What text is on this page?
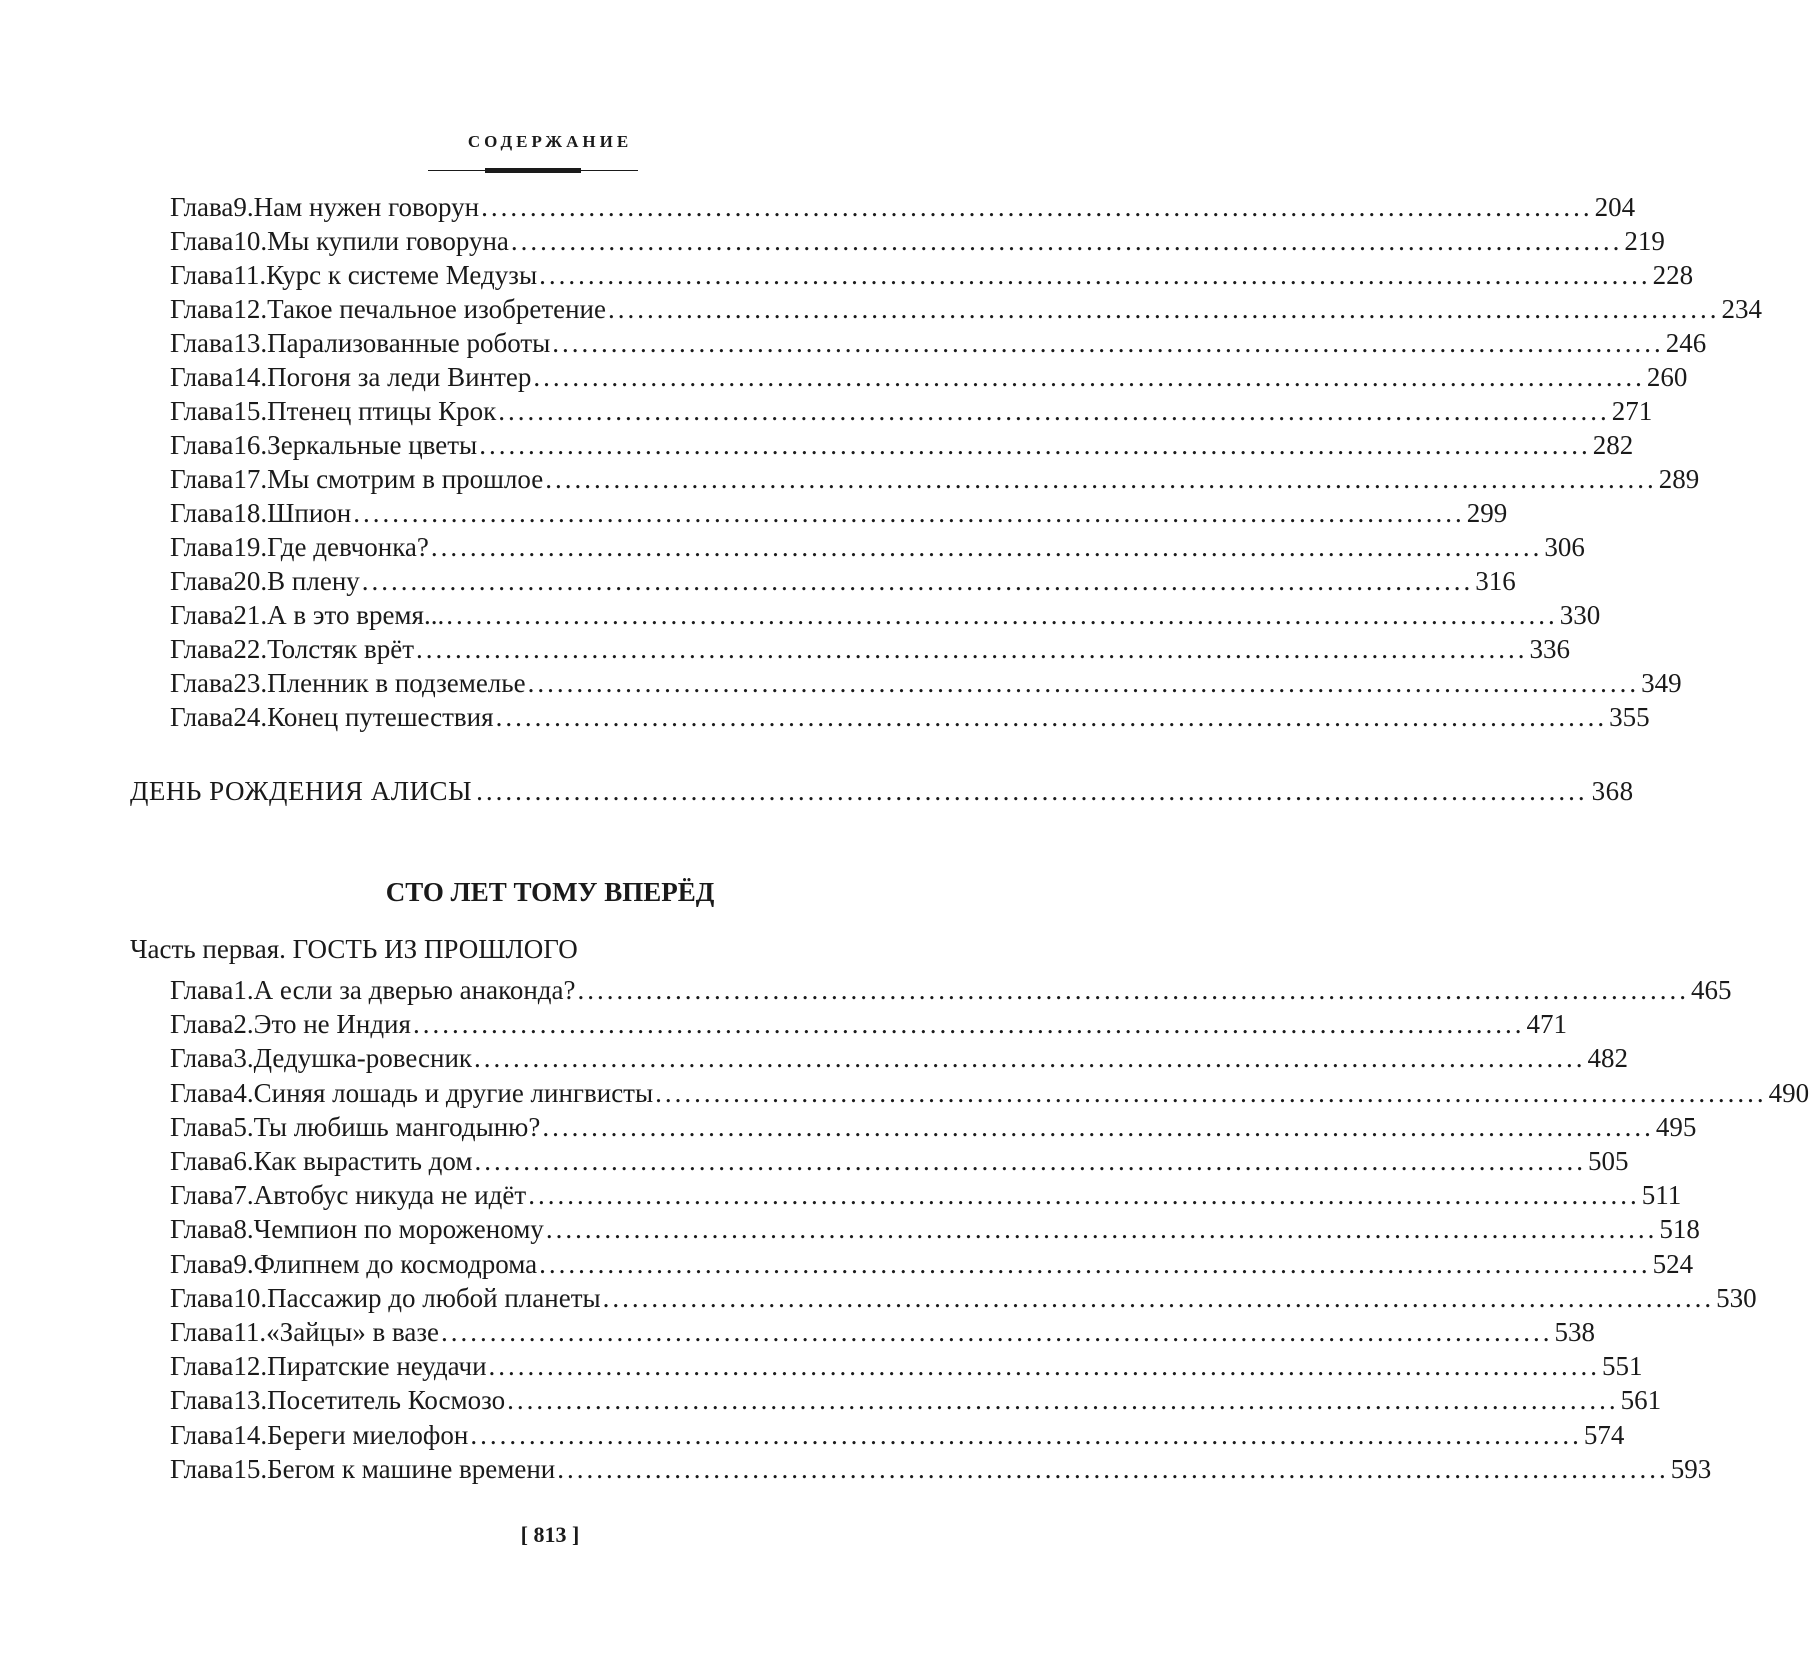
СОДЕРЖАНИЕ
Глава 9 . Нам нужен говорун .................................................................................................................. 204
Глава 10 . Мы купили говоруна .................................................................................................................. 219
Глава 11 . Курс к системе Медузы .................................................................................................................. 228
Глава 12 . Такое печальное изобретение .................................................................................................................. 234
Глава 13 . Парализованные роботы .................................................................................................................. 246
Глава 14 . Погоня за леди Винтер .................................................................................................................. 260
Глава 15 . Птенец птицы Крок .................................................................................................................. 271
Глава 16 . Зеркальные цветы .................................................................................................................. 282
Глава 17 . Мы смотрим в прошлое .................................................................................................................. 289
Глава 18 . Шпион .................................................................................................................. 299
Глава 19 . Где девчонка? .................................................................................................................. 306
Глава 20 . В плену .................................................................................................................. 316
Глава 21 . А в это время... .................................................................................................................. 330
Глава 22 . Толстяк врёт .................................................................................................................. 336
Глава 23 . Пленник в подземелье .................................................................................................................. 349
Глава 24 . Конец путешествия .................................................................................................................. 355
ДЕНЬ РОЖДЕНИЯ АЛИСЫ .................................................................................................................. 368
СТО ЛЕТ ТОМУ ВПЕРЁД
Часть первая. ГОСТЬ ИЗ ПРОШЛОГО
Глава 1 . А если за дверью анаконда? .................................................................................................................. 465
Глава 2 . Это не Индия .................................................................................................................. 471
Глава 3 . Дедушка-ровесник .................................................................................................................. 482
Глава 4 . Синяя лошадь и другие лингвисты .................................................................................................................. 490
Глава 5 . Ты любишь мангодыню? .................................................................................................................. 495
Глава 6 . Как вырастить дом .................................................................................................................. 505
Глава 7 . Автобус никуда не идёт .................................................................................................................. 511
Глава 8 . Чемпион по мороженому .................................................................................................................. 518
Глава 9 . Флипнем до космодрома .................................................................................................................. 524
Глава 10 . Пассажир до любой планеты .................................................................................................................. 530
Глава 11 . «Зайцы» в вазе .................................................................................................................. 538
Глава 12 . Пиратские неудачи .................................................................................................................. 551
Глава 13 . Посетитель Космозо .................................................................................................................. 561
Глава 14 . Береги миелофон .................................................................................................................. 574
Глава 15 . Бегом к машине времени .................................................................................................................. 593
[ 813 ]
